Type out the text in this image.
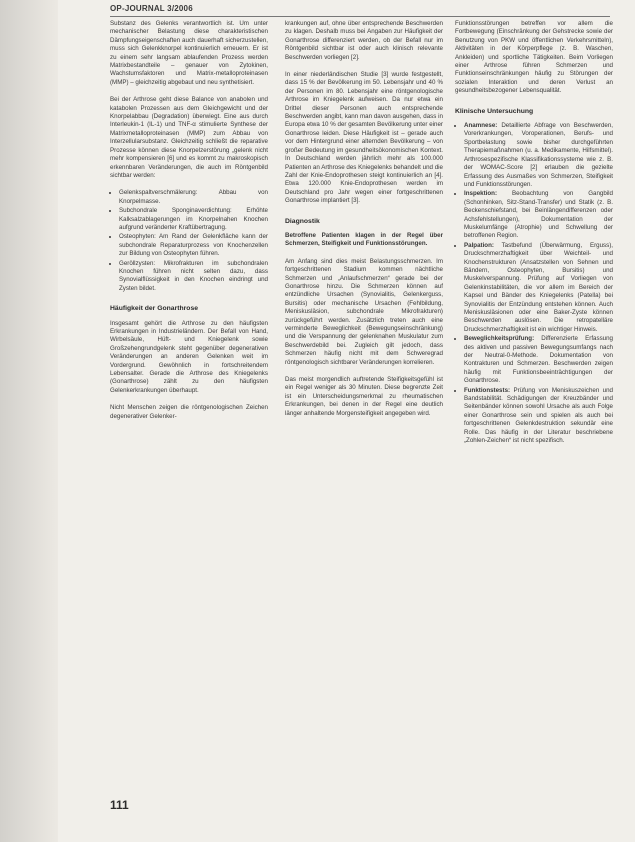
OP-JOURNAL 3/2006

Substanz des Gelenks verantwortlich ist. Um unter mechanischer Belastung diese charakteristischen Dämpfungseigenschaften auch dauerhaft sicherzustellen, muss sich Gelenkknorpel kontinuierlich erneuern. Er ist zu einem sehr langsam ablaufenden Prozess werden Matrixbestandteile – genauer von Zytokinen, Wachstumsfaktoren und Matrix-metalloproteinasen (MMP) – gleichzeitig abgebaut und neu synthetisiert.

Bei der Arthrose geht diese Balance von anabolen und katabolen Prozessen aus dem Gleichgewicht und der Knorpelabbau (Degradation) überwiegt. Eine aus durch Interleukin-1 (IL-1) und TNF-α stimulierte Synthese der Matrixmetalloproteinasen (MMP) zum Abbau von Interzellularsubstanz. Gleichzeitig schließt die reparative Prozesse können diese Knorpelzerstörung „gelenk nicht mehr kompensieren [6] und es kommt zu makroskopisch erkennbaren Veränderungen, die auch im Röntgenbild sichtbar werden:

• Gelenkspaltverschmälerung: Abbau von Knorpelmasse.
• Subchondrale Sponginaverdichtung: Erhöhte Kalksalzablagerungen im Knorpelnahen Knochen aufgrund veränderter Kraftübertragung.
• Osteophyten: Am Rand der Gelenkfläche kann der subchondrale Reparaturprozess von Knochenzellen zur Bildung von Osteophyten führen.
• Geröllzysten: Mikrofrakturen im subchondralen Knochen führen nicht selten dazu, dass Synovialflüssigkeit in den Knochen eindringt und Zysten bildet.
Häufigkeit der Gonarthrose

Insgesamt gehört die Arthrose zu den häufigsten Erkrankungen in Industrieländern. Der Befall von Hand, Wirbelsäule, Hüft- und Kniegelenk sowie Großzehengrundgelenk steht gegenüber degenerativen Veränderungen an anderen Gelenken weit im Vordergrund. Gewöhnlich in fortschreitendem Lebensalter. Gerade die Arthrose des Kniegelenks (Gonarthrose) zählt zu den häufigsten Gelenkerkrankungen überhaupt.

Nicht Menschen zeigen die röntgenologischen Zeichen degenerativer Gelenker-

krankungen auf, ohne über entsprechende Beschwerden zu klagen. Deshalb muss bei Angaben zur Häufigkeit der Gonarthrose differenziert werden, ob der Befall nur im Röntgenbild sichtbar ist oder auch klinisch relevante Beschwerden vorliegen [2].

In einer niederländischen Studie [3] wurde festgestellt, dass 15 % der Bevölkerung im 50. Lebensjahr und 40 % der Personen im 80. Lebensjahr eine röntgenologische Arthrose im Kniegelenk aufweisen. Da nur etwa ein Drittel dieser Personen auch entsprechende Beschwerden angibt, kann man davon ausgehen, dass in Europa etwa 10 % der gesamten Bevölkerung unter einer Gonarthrose leiden. Diese Häufigkeit ist – gerade auch vor dem Hintergrund einer alternden Bevölkerung – von großer Bedeutung im gesundheitsökonomischen Kontext. In Deutschland werden jährlich mehr als 100.000 Patienten an Arthrose des Kniegelenks behandelt und die Zahl der Knie-Endoprothesen steigt kontinuierlich an [4]. Etwa 120.000 Knie-Endoprothesen werden im Deutschland pro Jahr wegen einer fortgeschrittenen Gonarthrose implantiert [3].

Diagnostik

Betroffene Patienten klagen in der Regel über Schmerzen, Steifigkeit und Funktionsstörungen.

Am Anfang sind dies meist Belastungsschmerzen. Im fortgeschrittenen Stadium kommen nächtliche Schmerzen und „Anlaufschmerzen“ gerade bei der Gonarthrose hinzu. Die Schmerzen können auf entzündliche Ursachen (Synovialitis, Gelenkerguss, Bursitis) oder mechanische Ursachen (Fehlbildung, Meniskusläsion, subchondrale Mikrofrakturen) zurückgeführt werden. Zusätzlich treten auch eine verminderte Beweglichkeit (Bewegungseinschränkung) und die Verspannung der gelenknahen Muskulatur zum Beschwerdebild bei. Zugleich gilt jedoch, dass Schmerzen häufig nicht mit dem Schweregrad röntgenologisch sichtbarer Veränderungen korrelieren.

Das meist morgendlich auftretende Steifigkeitsgefühl ist ein Regel weniger als 30 Minuten. Diese begrenzte Zeit ist ein Unterscheidungsmerkmal zu rheumatischen Erkrankungen, bei denen in der Regel eine deutlich länger anhaltende Morgensteifigkeit angegeben wird.

Funktionsstörungen betreffen vor allem die Fortbewegung (Einschränkung der Gehstrecke sowie der Benutzung von PKW und öffentlichen Verkehrsmitteln), Aktivitäten in der Körperpflege (z. B. Waschen, Ankleiden) und sportliche Tätigkeiten. Beim Vorliegen einer Arthrose führen Schmerzen und Funktionseinschränkungen häufig zu Störungen der sozialen Interaktion und deren Verlust an gesundheitsbezogener Lebensqualität.

Klinische Untersuchung
• Anamnese: Detaillierte Abfrage von Beschwerden, Vorerkrankungen, Voroperationen, Berufs- und Sportbelastung sowie bisher durchgeführten Therapiemaßnahmen (u. a. Medikamente, Hilfsmittel). Arthrosespezifische Klassifikationssysteme wie z. B. der WOMAC-Score [2] erlauben die gezielte Erfassung des Ausmaßes von Schmerzen, Steifigkeit und Funktionsstörungen.
• Inspektion: Beobachtung von Gangbild (Schonhinken, Sitz-Stand-Transfer) und Statik (z. B. Beckenschiefstand, bei Beinlängendifferenzen oder Achsfehlstellungen), Dokumentation der Muskelumfänge (Atrophie) und Schwellung der betroffenen Region.
• Palpation: Tastbefund (Überwärmung, Erguss), Druckschmerzhaftigkeit über Weichteil- und Knochenstrukturen (Ansatzstellen von Sehnen und Bändern, Osteophyten, Bursitis) und Muskelverspannung. Prüfung auf Vorliegen von Gelenkinstabilitäten, die vor allem im Bereich der Kapsel und Bänder des Kniegelenks (Patella) bei Synovialitis der Entzündung entstehen können. Auch Meniskusläsionen oder eine Baker-Zyste können Beschwerden auslösen. Die retropatelläre Druckschmerzhaftigkeit ist ein wichtiger Hinweis.
• Beweglichkeitsprüfung: Differenzierte Erfassung des aktiven und passiven Bewegungsumfangs nach der Neutral-0-Methode. Dokumentation von Kontrakturen und Schmerzen. Beschwerden zeigen häufig mit Funktionsbeeinträchtigungen der Gonarthrose.
• Funktionstests: Prüfung von Meniskuszeichen und Bandstabilität. Schädigungen der Kreuzbänder und Seitenbänder können sowohl Ursache als auch Folge einer Gonarthrose sein und spielen als auch bei fortgeschrittenen Gelenkdestruktion sekundär eine Rolle. Das häufig in der Literatur beschriebene „Zohlen-Zeichen“ ist nicht spezifisch.
111
